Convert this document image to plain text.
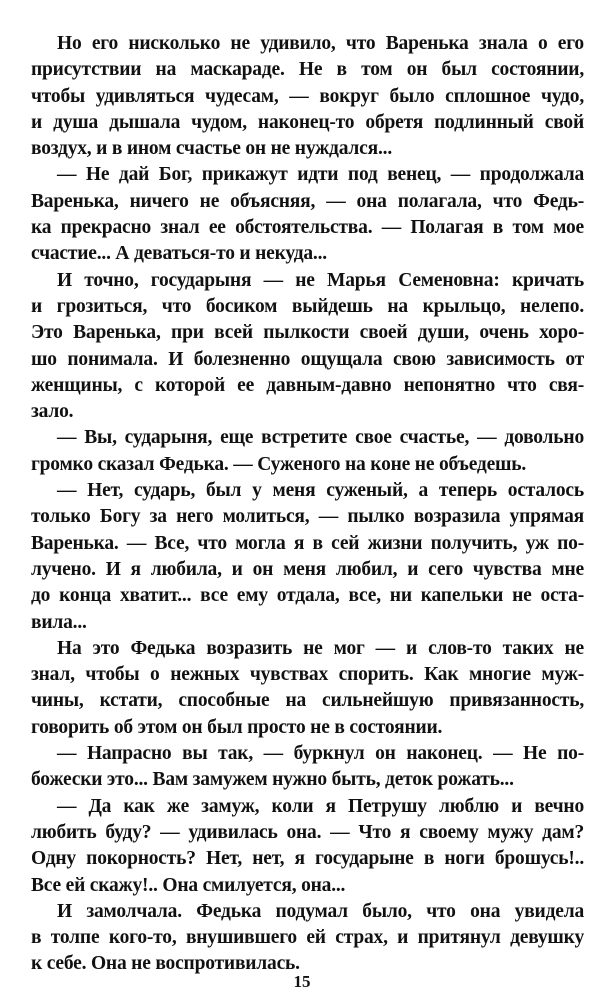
Но его нисколько не удивило, что Варенька знала о его
присутствии на маскараде. Не в том он был состоянии,
чтобы удивляться чудесам, — вокруг было сплошное чудо,
и душа дышала чудом, наконец-то обретя подлинный свой
воздух, и в ином счастье он не нуждался...
— Не дай Бог, прикажут идти под венец, — продолжала
Варенька, ничего не объясняя, — она полагала, что Федь-
ка прекрасно знал ее обстоятельства. — Полагая в том мое
счастие... А деваться-то и некуда...
И точно, государыня — не Марья Семеновна: кричать
и грозиться, что босиком выйдешь на крыльцо, нелепо.
Это Варенька, при всей пылкости своей души, очень хоро-
шо понимала. И болезненно ощущала свою зависимость от
женщины, с которой ее давным-давно непонятно что свя-
зало.
— Вы, сударыня, еще встретите свое счастье, — довольно
громко сказал Федька. — Суженого на коне не объедешь.
— Нет, сударь, был у меня суженый, а теперь осталось
только Богу за него молиться, — пылко возразила упрямая
Варенька. — Все, что могла я в сей жизни получить, уж по-
лучено. И я любила, и он меня любил, и сего чувства мне
до конца хватит... все ему отдала, все, ни капельки не оста-
вила...
На это Федька возразить не мог — и слов-то таких не
знал, чтобы о нежных чувствах спорить. Как многие муж-
чины, кстати, способные на сильнейшую привязанность,
говорить об этом он был просто не в состоянии.
— Напрасно вы так, — буркнул он наконец. — Не по-
божески это... Вам замужем нужно быть, деток рожать...
— Да как же замуж, коли я Петрушу люблю и вечно
любить буду? — удивилась она. — Что я своему мужу дам?
Одну покорность? Нет, нет, я государыне в ноги брошусь!..
Все ей скажу!.. Она смилуется, она...
И замолчала. Федька подумал было, что она увидела
в толпе кого-то, внушившего ей страх, и притянул девушку
к себе. Она не воспротивилась.
15
